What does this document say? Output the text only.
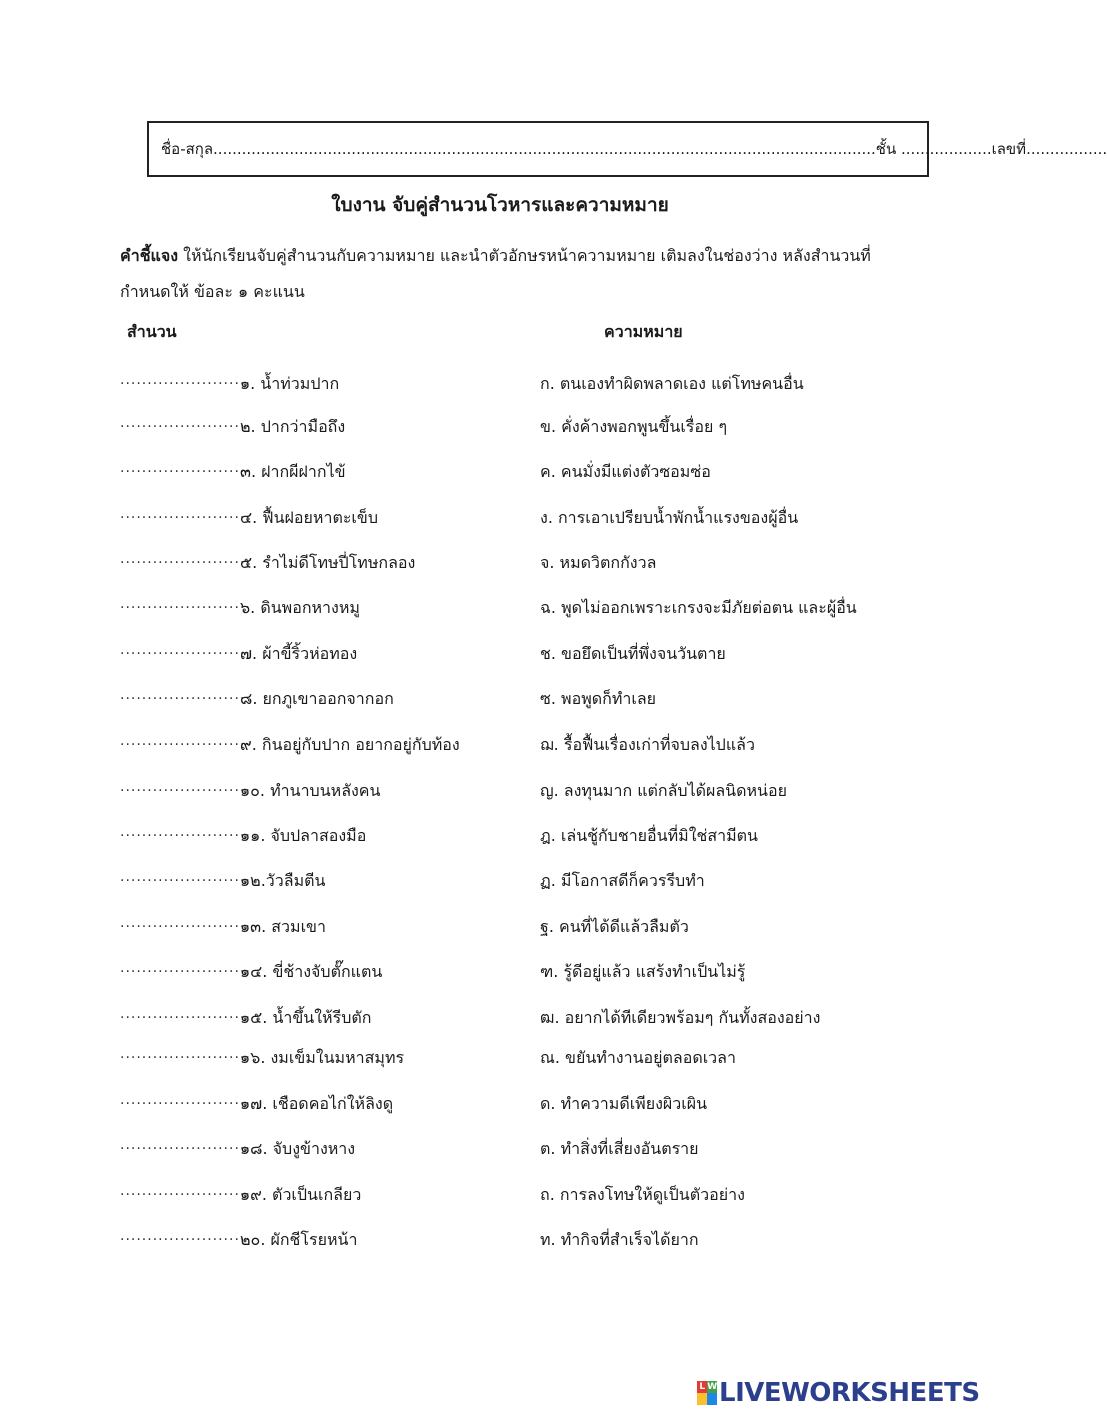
ชื่อ-สกุล ........................................................................................................................................... ชั้น
................... เลขที่ .................
ใบงาน จับคู่สำนวนโวหารและความหมาย
คำชี้แจง ให้นักเรียนจับคู่สำนวนกับความหมาย และนำตัวอักษรหน้าความหมาย เติมลงในช่องว่าง หลังสำนวนที่กำหนดให้ ข้อละ ๑ คะแนน
สำนวน	ความหมาย
........................
๑. น้ำท่วมปาก	ก. ตนเองทำผิดพลาดเอง แต่โทษคนอื่น
........................
๒. ปากว่ามือถึง	ข. คั่งค้างพอกพูนขึ้นเรื่อย ๆ
........................
๓. ฝากผีฝากไข้	ค. คนมั่งมีแต่งตัวซอมซ่อ
........................
๔. ฟื้นฝอยหาตะเข็บ	ง. การเอาเปรียบน้ำพักน้ำแรงของผู้อื่น
........................
๕. รำไม่ดีโทษปี่โทษกลอง	จ. หมดวิตกกังวล
........................
๖. ดินพอกหางหมู	ฉ. พูดไม่ออกเพราะเกรงจะมีภัยต่อตน และผู้อื่น
........................
๗. ผ้าขี้ริ้วห่อทอง	ช. ขอยึดเป็นที่พึ่งจนวันตาย
........................
๘. ยกภูเขาออกจากอก	ซ. พอพูดก็ทำเลย
........................
๙. กินอยู่กับปาก อยากอยู่กับท้อง	ฌ. รื้อฟื้นเรื่องเก่าที่จบลงไปแล้ว
........................
๑๐. ทำนาบนหลังคน	ญ. ลงทุนมาก แต่กลับได้ผลนิดหน่อย
........................
๑๑. จับปลาสองมือ	ฎ. เล่นชู้กับชายอื่นที่มิใช่สามีตน
........................
๑๒.วัวลืมตีน	ฏ. มีโอกาสดีก็ควรรีบทำ
........................
๑๓. สวมเขา	ฐ. คนที่ได้ดีแล้วลืมตัว
........................
๑๔. ขี่ช้างจับตั๊กแตน	ฑ. รู้ดีอยู่แล้ว แสร้งทำเป็นไม่รู้
........................
๑๕. น้ำขึ้นให้รีบตัก	ฒ. อยากได้ทีเดียวพร้อมๆ กันทั้งสองอย่าง
........................
๑๖. งมเข็มในมหาสมุทร	ณ. ขยันทำงานอยู่ตลอดเวลา
........................
๑๗. เชือดคอไก่ให้ลิงดู	ด. ทำความดีเพียงผิวเผิน
........................
๑๘. จับงูข้างหาง	ต. ทำสิ่งที่เสี่ยงอันตราย
........................
๑๙. ตัวเป็นเกลียว	ถ. การลงโทษให้ดูเป็นตัวอย่าง
........................
๒๐. ผักชีโรยหน้า	ท. ทำกิจที่สำเร็จได้ยาก
L W LIVEWORKSHEETS
